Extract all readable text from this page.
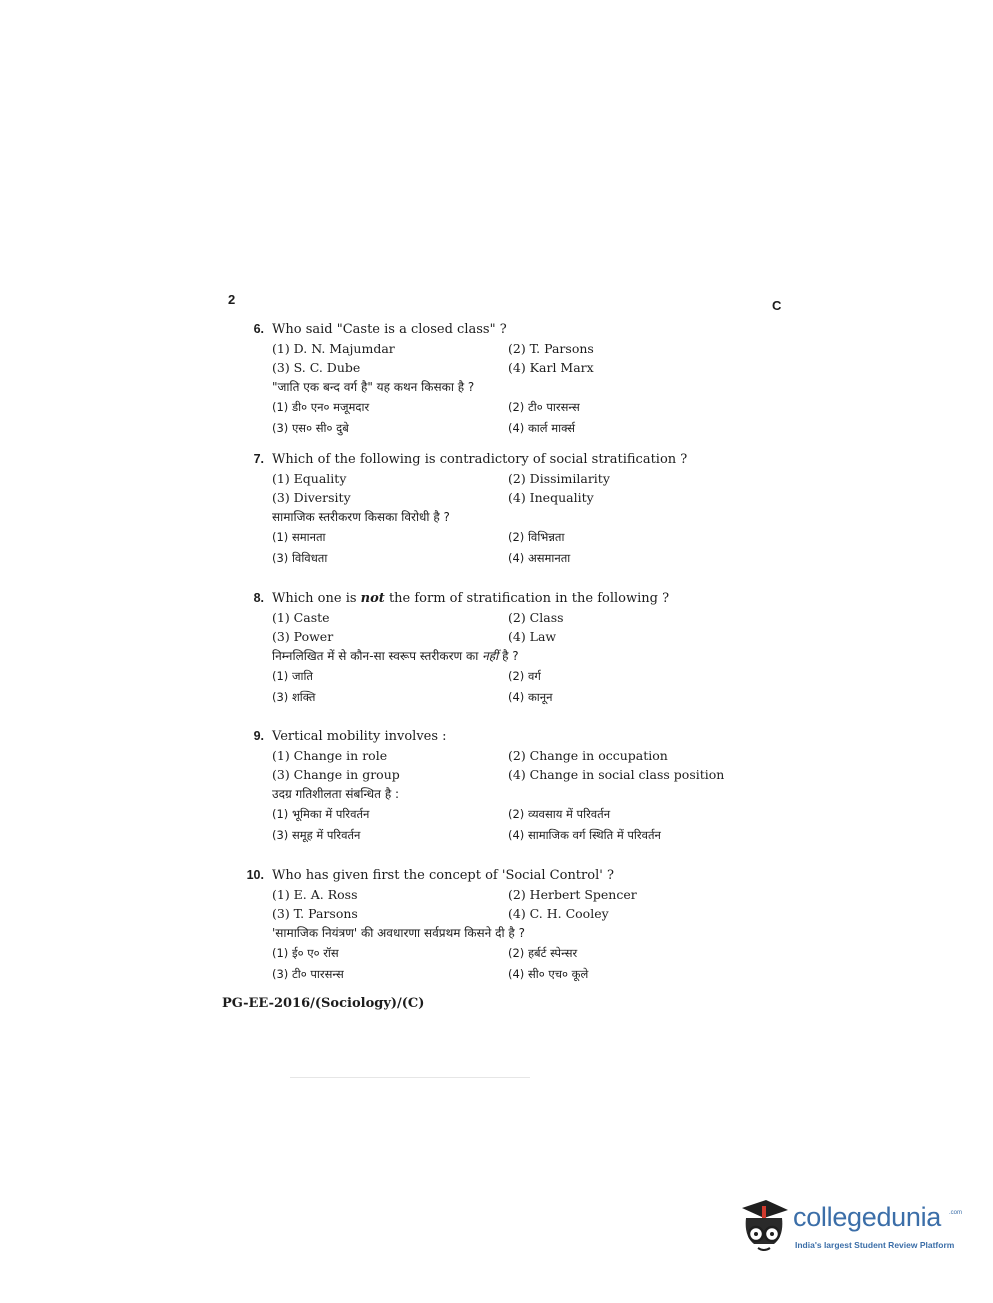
2	C
6. Who said "Caste is a closed class" ?
(1) D. N. Majumdar	(2) T. Parsons
(3) S. C. Dube	(4) Karl Marx
"जाति एक बन्द वर्ग है" यह कथन किसका है ?
(1) डी० एन० मजूमदार	(2) टी० पारसन्स
(3) एस० सी० दुबे	(4) कार्ल मार्क्स
7. Which of the following is contradictory of social stratification ?
(1) Equality	(2) Dissimilarity
(3) Diversity	(4) Inequality
सामाजिक स्तरीकरण किसका विरोधी है ?
(1) समानता	(2) विभिन्नता
(3) विविधता	(4) असमानता
8. Which one is not the form of stratification in the following ?
(1) Caste	(2) Class
(3) Power	(4) Law
निम्नलिखित में से कौन-सा स्वरूप स्तरीकरण का नहीं है ?
(1) जाति	(2) वर्ग
(3) शक्ति	(4) कानून
9. Vertical mobility involves :
(1) Change in role	(2) Change in occupation
(3) Change in group	(4) Change in social class position
उदग्र गतिशीलता संबन्धित है :
(1) भूमिका में परिवर्तन	(2) व्यवसाय में परिवर्तन
(3) समूह में परिवर्तन	(4) सामाजिक वर्ग स्थिति में परिवर्तन
10. Who has given first the concept of 'Social Control' ?
(1) E. A. Ross	(2) Herbert Spencer
(3) T. Parsons	(4) C. H. Cooley
'सामाजिक नियंत्रण' की अवधारणा सर्वप्रथम किसने दी है ?
(1) ई० ए० रॉस	(2) हर्बर्ट स्पेन्सर
(3) टी० पारसन्स	(4) सी० एच० कूले
PG-EE-2016/(Sociology)/(C)
collegedunia .com
India's largest Student Review Platform
